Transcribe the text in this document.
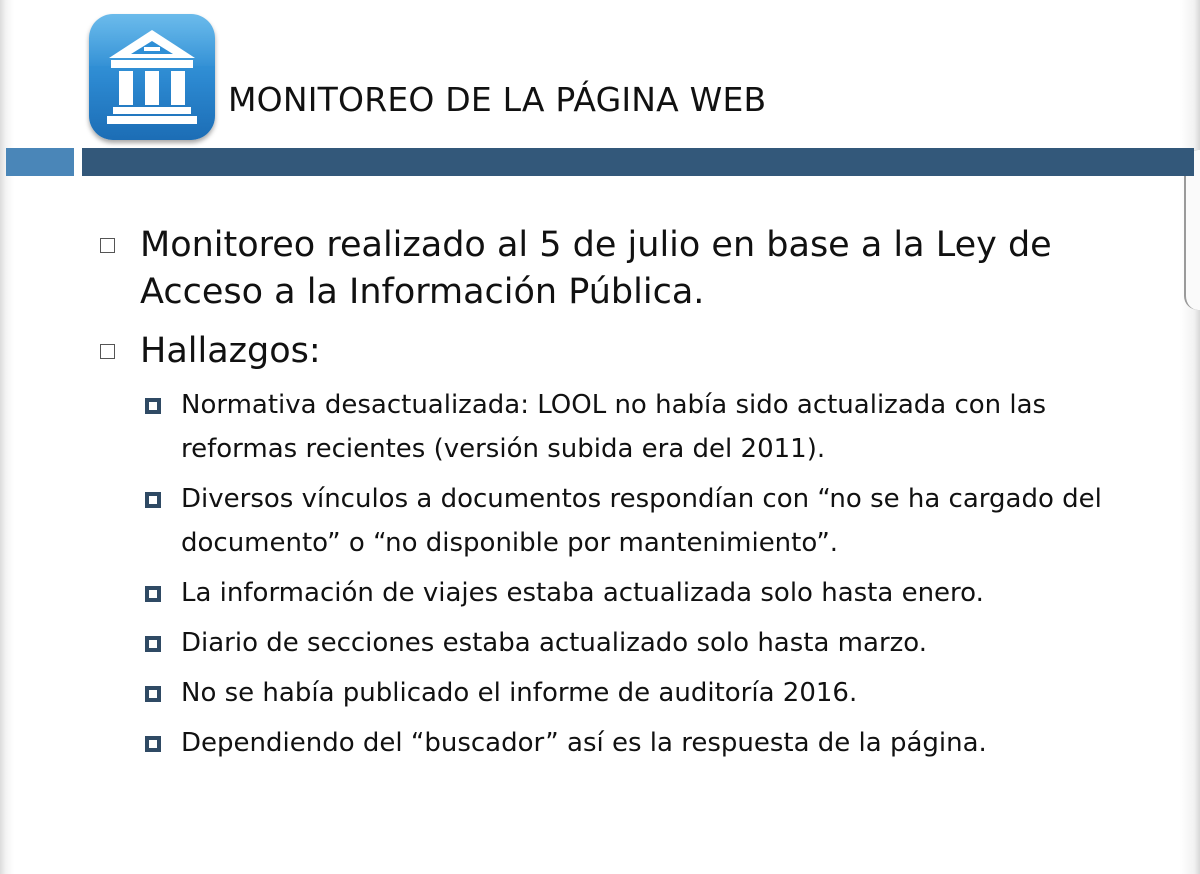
MONITOREO DE LA PÁGINA WEB
Monitoreo realizado al 5 de julio en base a la Ley de Acceso a la Información Pública.
Hallazgos:
Normativa desactualizada: LOOL no había sido actualizada con las reformas recientes (versión subida era del 2011).
Diversos vínculos a documentos respondían con “no se ha cargado del documento” o “no disponible por mantenimiento”.
La información de viajes estaba actualizada solo hasta enero.
Diario de secciones estaba actualizado solo hasta marzo.
No se había publicado el informe de auditoría 2016.
Dependiendo del “buscador” así es la respuesta de la página.
